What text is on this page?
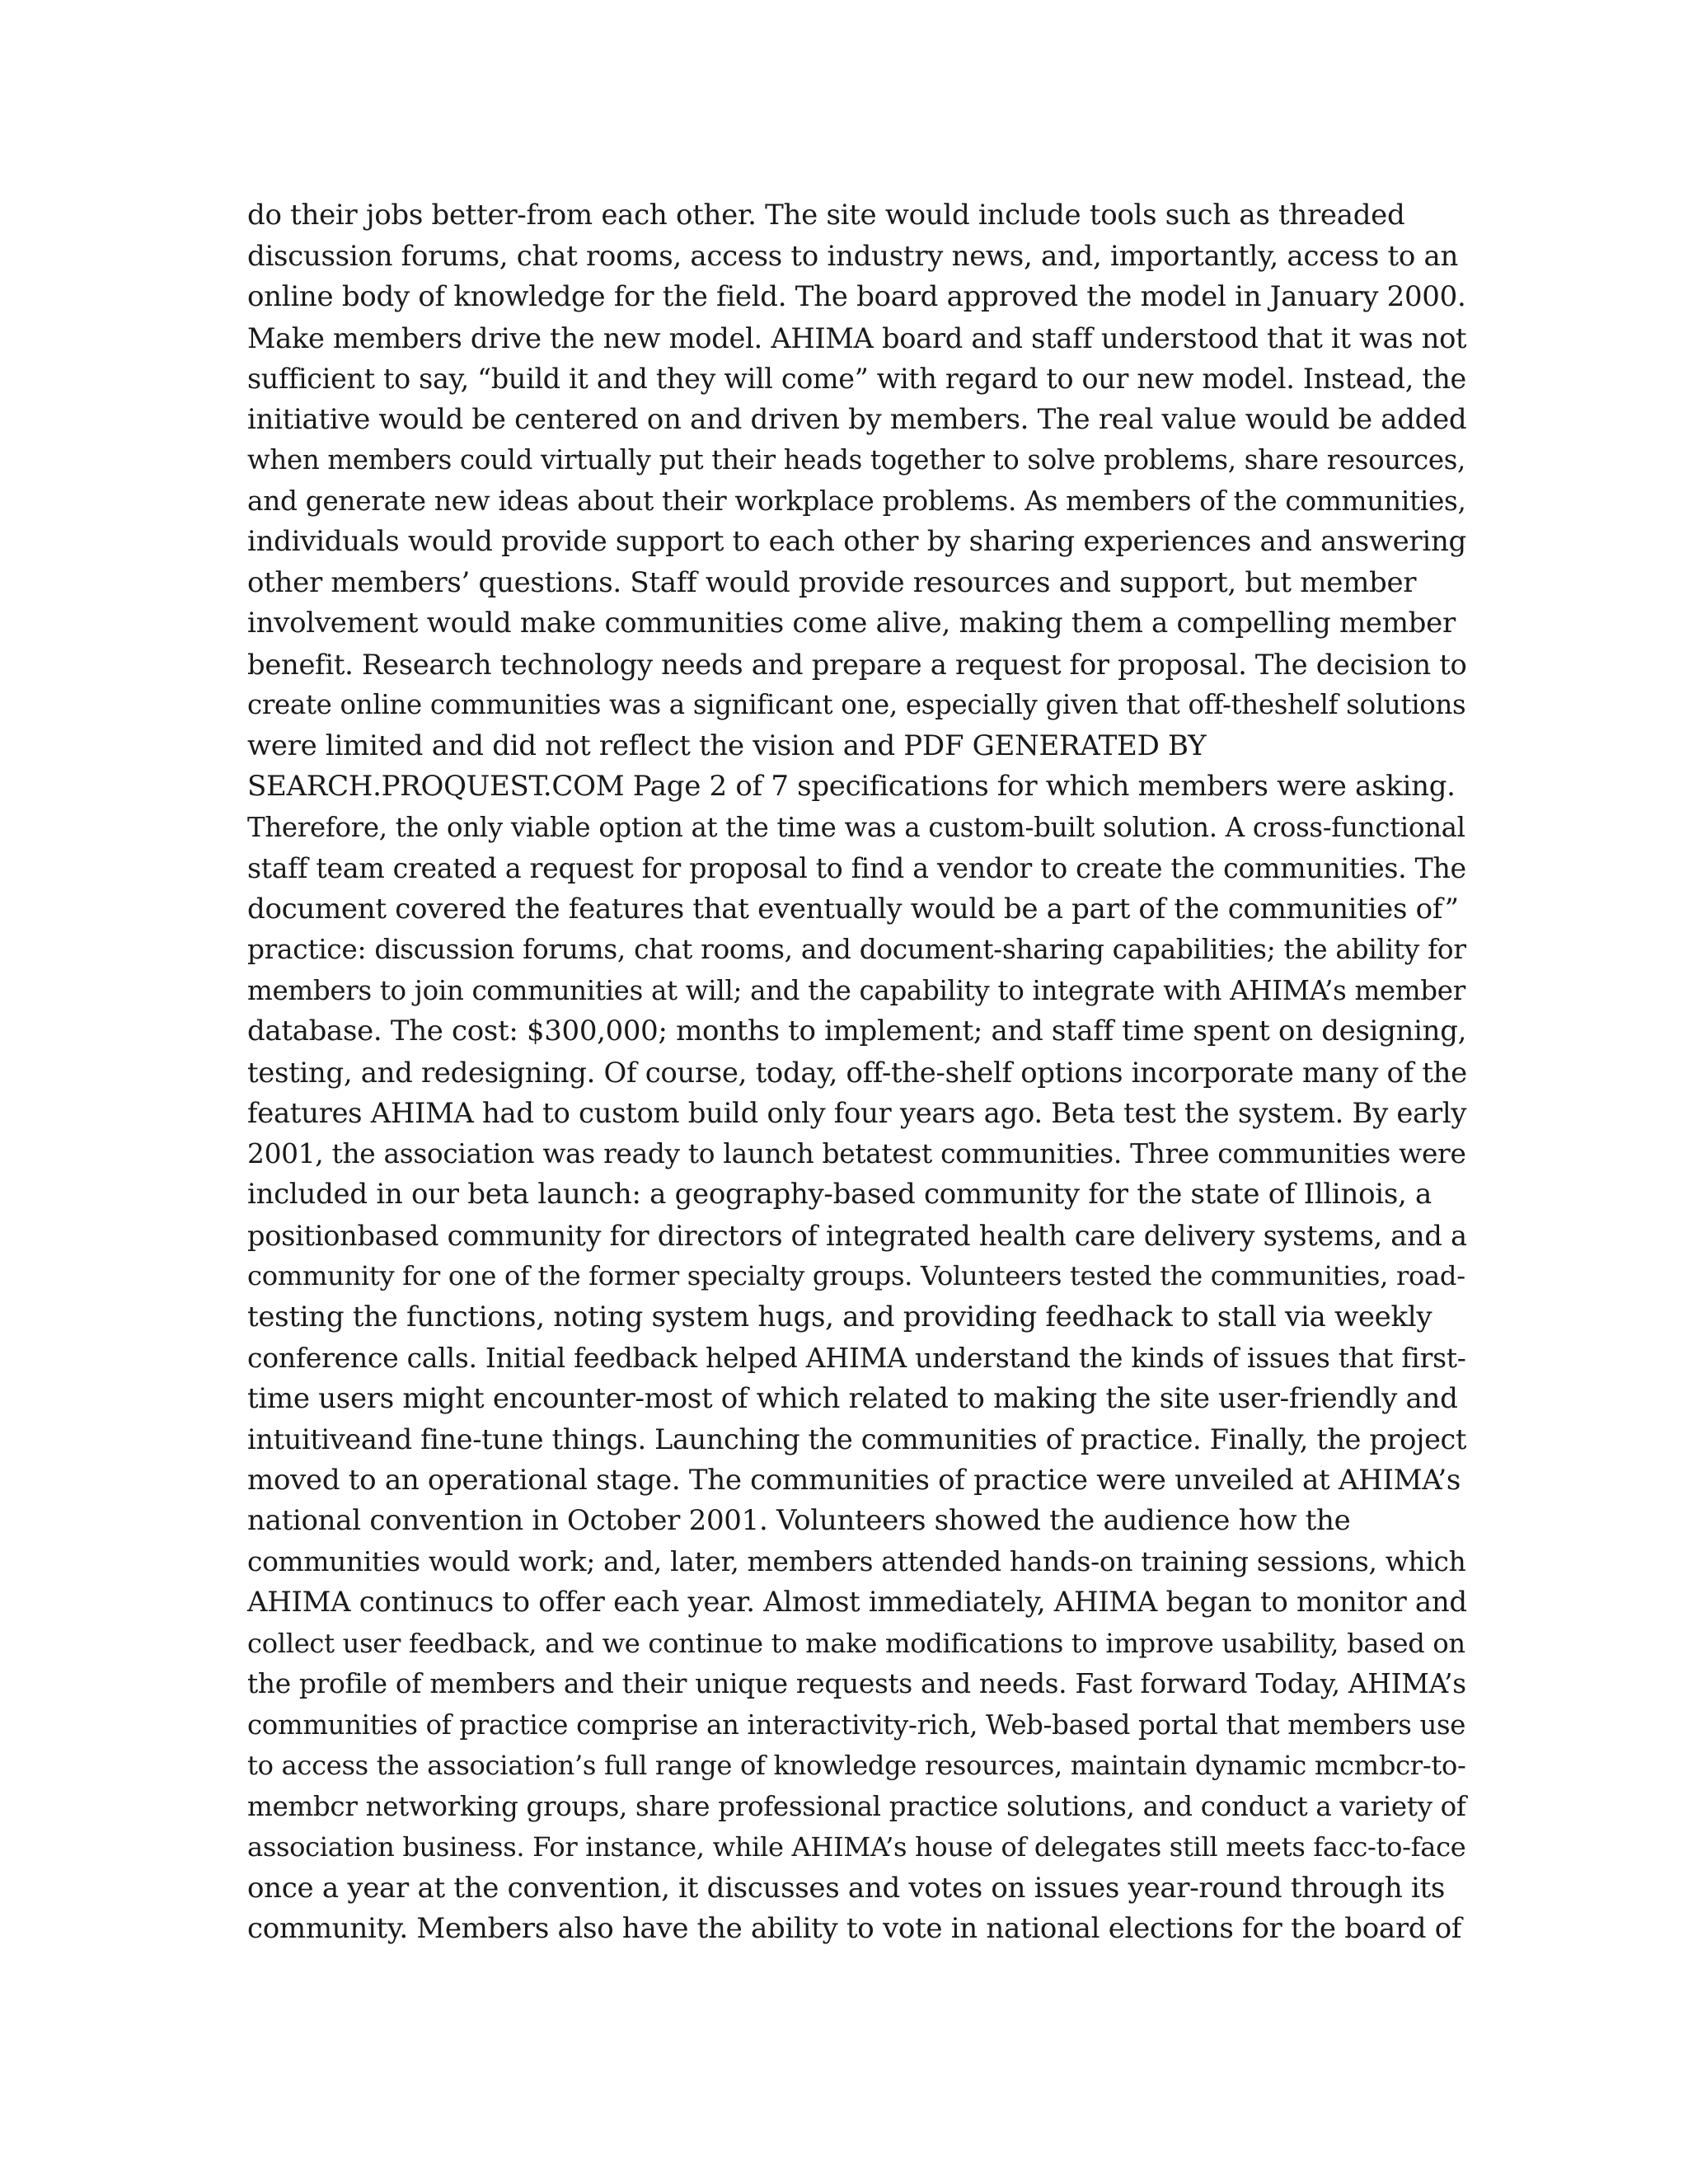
do their jobs better-from each other. The site would include tools such as threaded
discussion forums, chat rooms, access to industry news, and, importantly, access to an
online body of knowledge for the field. The board approved the model in January 2000.
Make members drive the new model. AHIMA board and staff understood that it was not
sufficient to say, “build it and they will come” with regard to our new model. Instead, the
initiative would be centered on and driven by members. The real value would be added
when members could virtually put their heads together to solve problems, share resources,
and generate new ideas about their workplace problems. As members of the communities,
individuals would provide support to each other by sharing experiences and answering
other members’ questions. Staff would provide resources and support, but member
involvement would make communities come alive, making them a compelling member
benefit. Research technology needs and prepare a request for proposal. The decision to
create online communities was a significant one, especially given that off-theshelf solutions
were limited and did not reflect the vision and PDF GENERATED BY
SEARCH.PROQUEST.COM Page 2 of 7 specifications for which members were asking.
Therefore, the only viable option at the time was a custom-built solution. A cross-functional
staff team created a request for proposal to find a vendor to create the communities. The
document covered the features that eventually would be a part of the communities of”
practice: discussion forums, chat rooms, and document-sharing capabilities; the ability for
members to join communities at will; and the capability to integrate with AHIMA’s member
database. The cost: $300,000; months to implement; and staff time spent on designing,
testing, and redesigning. Of course, today, off-the-shelf options incorporate many of the
features AHIMA had to custom build only four years ago. Beta test the system. By early
2001, the association was ready to launch betatest communities. Three communities were
included in our beta launch: a geography-based community for the state of Illinois, a
positionbased community for directors of integrated health care delivery systems, and a
community for one of the former specialty groups. Volunteers tested the communities, road-
testing the functions, noting system hugs, and providing feedhack to stall via weekly
conference calls. Initial feedback helped AHIMA understand the kinds of issues that first-
time users might encounter-most of which related to making the site user-friendly and
intuitiveand fine-tune things. Launching the communities of practice. Finally, the project
moved to an operational stage. The communities of practice were unveiled at AHIMA’s
national convention in October 2001. Volunteers showed the audience how the
communities would work; and, later, members attended hands-on training sessions, which
AHIMA continucs to offer each year. Almost immediately, AHIMA began to monitor and
collect user feedback, and we continue to make modifications to improve usability, based on
the profile of members and their unique requests and needs. Fast forward Today, AHIMA’s
communities of practice comprise an interactivity-rich, Web-based portal that members use
to access the association’s full range of knowledge resources, maintain dynamic mcmbcr-to-
membcr networking groups, share professional practice solutions, and conduct a variety of
association business. For instance, while AHIMA’s house of delegates still meets facc-to-face
once a year at the convention, it discusses and votes on issues year-round through its
community. Members also have the ability to vote in national elections for the board of
